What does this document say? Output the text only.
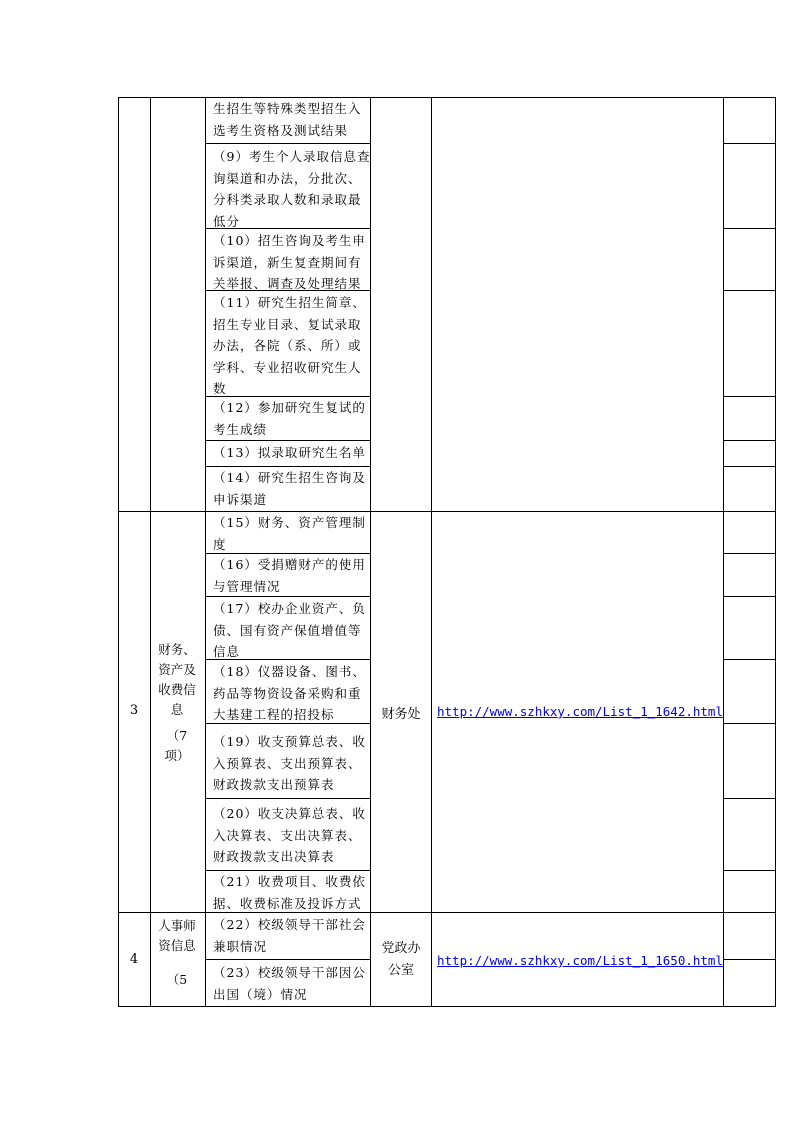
生招生等特殊类型招生入
选考生资格及测试结果
（9）考生个人录取信息查
询渠道和办法，分批次、
分科类录取人数和录取最
低分
（10）招生咨询及考生申
诉渠道，新生复查期间有
关举报、调查及处理结果
（11）研究生招生简章、
招生专业目录、复试录取
办法，各院（系、所）或
学科、专业招收研究生人
数
（12）参加研究生复试的
考生成绩
（13）拟录取研究生名单
（14）研究生招生咨询及
申诉渠道
3
财务、
资产及
收费信
息
（7
项）
财务处	http://www.szhkxy.com/List_1_1642.html
（15）财务、资产管理制
度
（16）受捐赠财产的使用
与管理情况
（17）校办企业资产、负
债、国有资产保值增值等
信息
（18）仪器设备、图书、
药品等物资设备采购和重
大基建工程的招投标
（19）收支预算总表、收
入预算表、支出预算表、
财政拨款支出预算表
（20）收支决算总表、收
入决算表、支出决算表、
财政拨款支出决算表
（21）收费项目、收费依
据、收费标准及投诉方式
4
人事师
资信息
（5
党政办
公室
http://www.szhkxy.com/List_1_1650.html
（22）校级领导干部社会
兼职情况
（23）校级领导干部因公
出国（境）情况
